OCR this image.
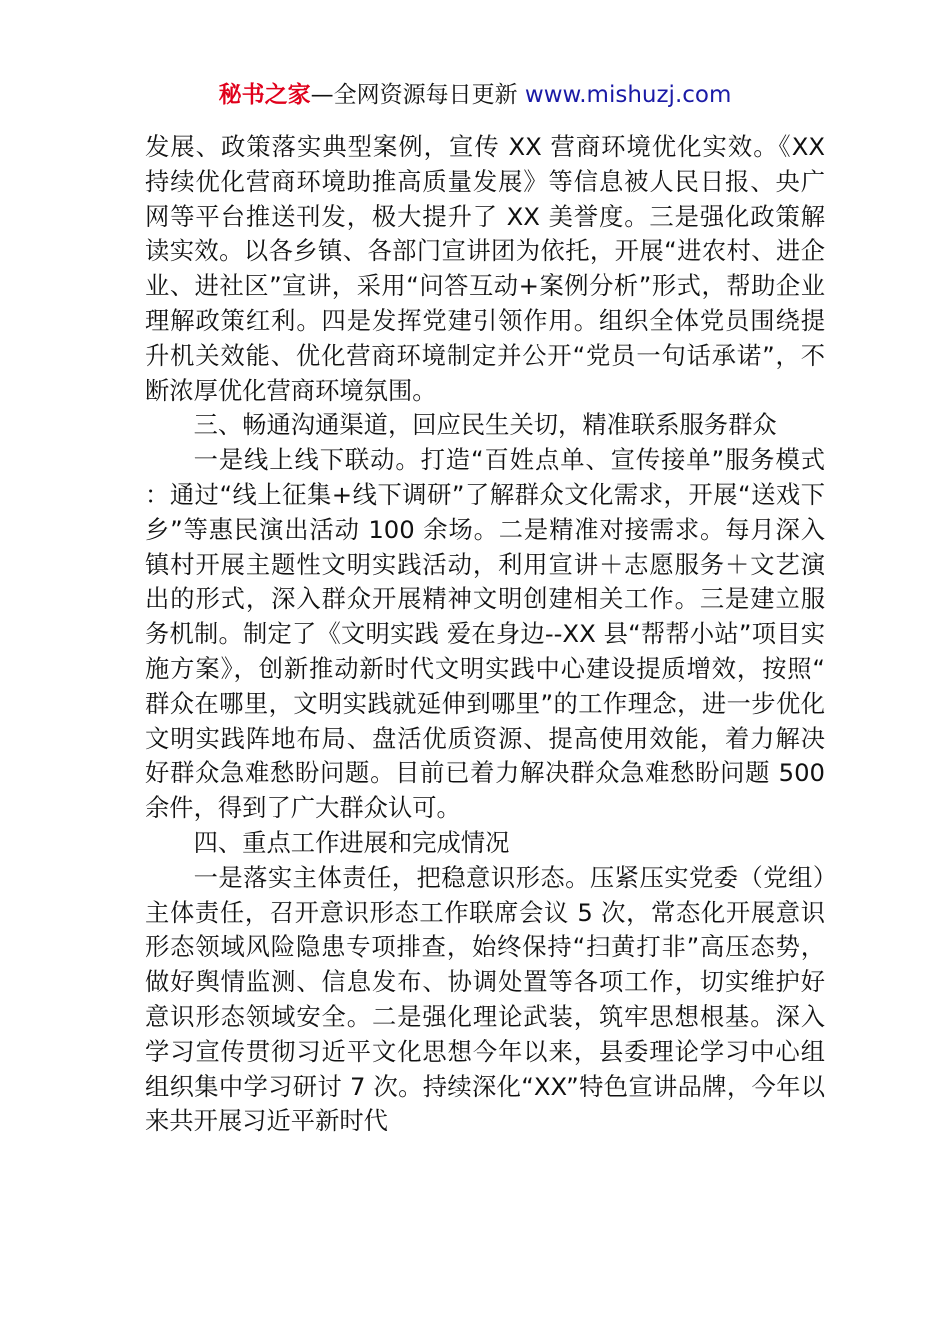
秘书之家—全网资源每日更新 www.mishuzj.com

发展、政策落实典型案例，宣传 XX 营商环境优化实效。《XX 持续优化营商环境助推高质量发展》等信息被人民日报、央广网等平台推送刊发，极大提升了 XX 美誉度。三是强化政策解读实效。以各乡镇、各部门宣讲团为依托，开展“进农村、进企业、进社区”宣讲，采用“问答互动+案例分析”形式，帮助企业理解政策红利。四是发挥党建引领作用。组织全体党员围绕提升机关效能、优化营商环境制定并公开“党员一句话承诺”，不断浓厚优化营商环境氛围。

三、畅通沟通渠道，回应民生关切，精准联系服务群众

一是线上线下联动。打造“百姓点单、宣传接单”服务模式：通过“线上征集+线下调研”了解群众文化需求，开展“送戏下乡”等惠民演出活动 100 余场。二是精准对接需求。每月深入镇村开展主题性文明实践活动，利用宣讲＋志愿服务＋文艺演出的形式，深入群众开展精神文明创建相关工作。三是建立服务机制。制定了《文明实践 爱在身边--XX 县“帮帮小站”项目实施方案》，创新推动新时代文明实践中心建设提质增效，按照“群众在哪里，文明实践就延伸到哪里”的工作理念，进一步优化文明实践阵地布局、盘活优质资源、提高使用效能，着力解决好群众急难愁盼问题。目前已着力解决群众急难愁盼问题 500 余件，得到了广大群众认可。

四、重点工作进展和完成情况

一是落实主体责任，把稳意识形态。压紧压实党委（党组）主体责任，召开意识形态工作联席会议 5 次，常态化开展意识形态领域风险隐患专项排查，始终保持“扫黄打非”高压态势，做好舆情监测、信息发布、协调处置等各项工作，切实维护好意识形态领域安全。二是强化理论武装，筑牢思想根基。深入学习宣传贯彻习近平文化思想今年以来，县委理论学习中心组组织集中学习研讨 7 次。持续深化“XX”特色宣讲品牌，今年以来共开展习近平新时代
